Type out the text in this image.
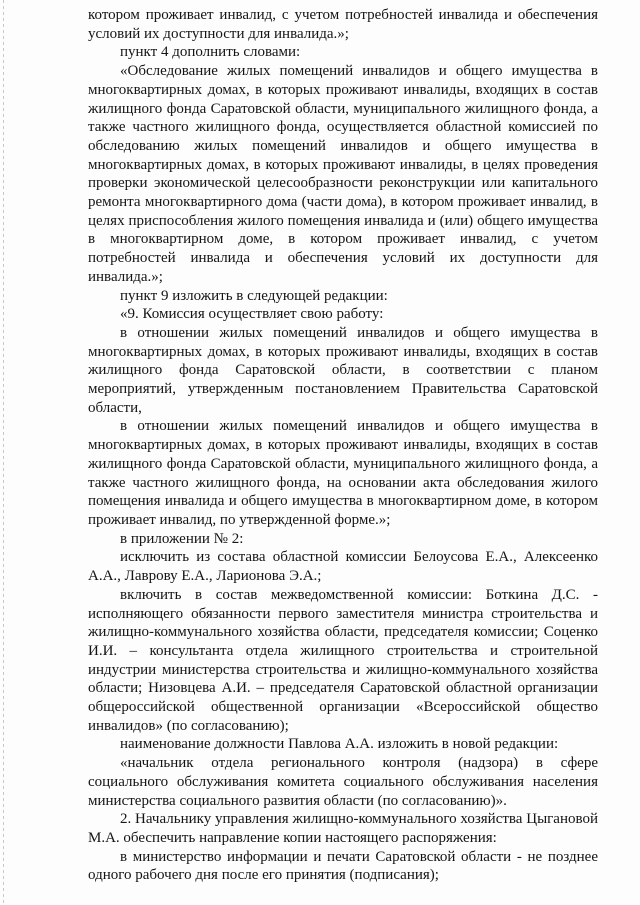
котором проживает инвалид, с учетом потребностей инвалида и обеспечения условий их доступности для инвалида.»;

пункт 4 дополнить словами:

«Обследование жилых помещений инвалидов и общего имущества в многоквартирных домах, в которых проживают инвалиды, входящих в состав жилищного фонда Саратовской области, муниципального жилищного фонда, а также частного жилищного фонда, осуществляется областной комиссией по обследованию жилых помещений инвалидов и общего имущества в многоквартирных домах, в которых проживают инвалиды, в целях проведения проверки экономической целесообразности реконструкции или капитального ремонта многоквартирного дома (части дома), в котором проживает инвалид, в целях приспособления жилого помещения инвалида и (или) общего имущества в многоквартирном доме, в котором проживает инвалид, с учетом потребностей инвалида и обеспечения условий их доступности для инвалида.»;

пункт 9 изложить в следующей редакции:

«9. Комиссия осуществляет свою работу:

в отношении жилых помещений инвалидов и общего имущества в многоквартирных домах, в которых проживают инвалиды, входящих в состав жилищного фонда Саратовской области, в соответствии с планом мероприятий, утвержденным постановлением Правительства Саратовской области,

в отношении жилых помещений инвалидов и общего имущества в многоквартирных домах, в которых проживают инвалиды, входящих в состав жилищного фонда Саратовской области, муниципального жилищного фонда, а также частного жилищного фонда, на основании акта обследования жилого помещения инвалида и общего имущества в многоквартирном доме, в котором проживает инвалид, по утвержденной форме.»;

в приложении № 2:

исключить из состава областной комиссии Белоусова Е.А., Алексеенко А.А., Лаврову Е.А., Ларионова Э.А.;

включить в состав межведомственной комиссии: Боткина Д.С. - исполняющего обязанности первого заместителя министра строительства и жилищно-коммунального хозяйства области, председателя комиссии; Соценко И.И. – консультанта отдела жилищного строительства и строительной индустрии министерства строительства и жилищно-коммунального хозяйства области; Низовцева А.И. – председателя Саратовской областной организации общероссийской общественной организации «Всероссийской общество инвалидов» (по согласованию);

наименование должности Павлова А.А. изложить в новой редакции:

«начальник отдела регионального контроля (надзора) в сфере социального обслуживания комитета социального обслуживания населения министерства социального развития области (по согласованию)».

2. Начальнику управления жилищно-коммунального хозяйства Цыгановой М.А. обеспечить направление копии настоящего распоряжения:

в министерство информации и печати Саратовской области - не позднее одного рабочего дня после его принятия (подписания);
